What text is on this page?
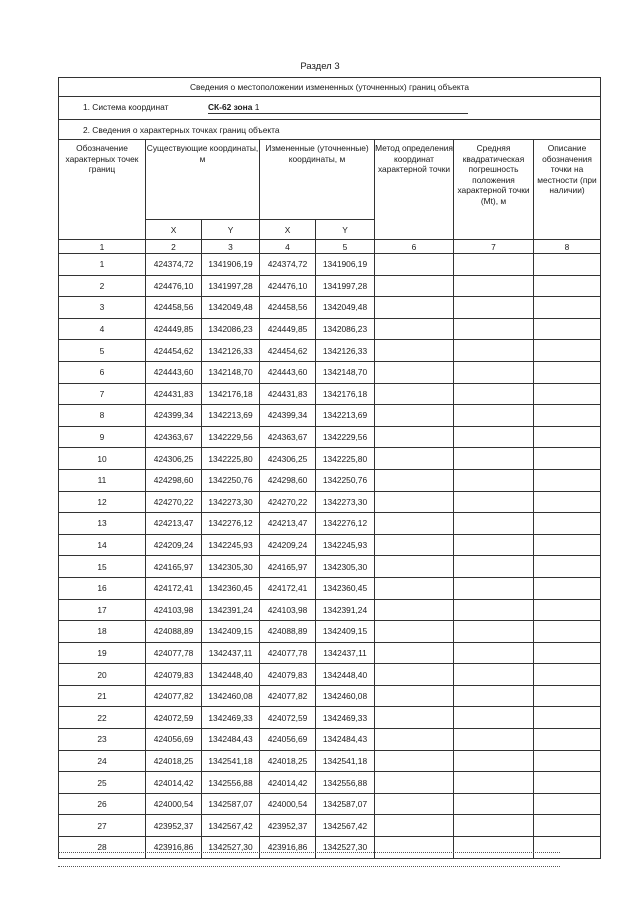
Раздел 3
Сведения о местоположении измененных (уточненных) границ объекта							
1. Система координат СК-62 зона 1							
2. Сведения о характерных точках границ объекта							
Обозначение характерных точек границ	Существующие координаты, м		Измененные (уточненные) координаты, м		Метод определения координат характерной точки	Средняя квадратическая погрешность положения характерной точки (Mt), м	Описание обозначения точки на местности (при наличии)
	X	Y	X	Y			
1	2	3	4	5	6	7	8
1	424374,72	1341906,19	424374,72	1341906,19			
2	424476,10	1341997,28	424476,10	1341997,28			
3	424458,56	1342049,48	424458,56	1342049,48			
4	424449,85	1342086,23	424449,85	1342086,23			
5	424454,62	1342126,33	424454,62	1342126,33			
6	424443,60	1342148,70	424443,60	1342148,70			
7	424431,83	1342176,18	424431,83	1342176,18			
8	424399,34	1342213,69	424399,34	1342213,69			
9	424363,67	1342229,56	424363,67	1342229,56			
10	424306,25	1342225,80	424306,25	1342225,80			
11	424298,60	1342250,76	424298,60	1342250,76			
12	424270,22	1342273,30	424270,22	1342273,30			
13	424213,47	1342276,12	424213,47	1342276,12			
14	424209,24	1342245,93	424209,24	1342245,93			
15	424165,97	1342305,30	424165,97	1342305,30			
16	424172,41	1342360,45	424172,41	1342360,45			
17	424103,98	1342391,24	424103,98	1342391,24			
18	424088,89	1342409,15	424088,89	1342409,15			
19	424077,78	1342437,11	424077,78	1342437,11			
20	424079,83	1342448,40	424079,83	1342448,40			
21	424077,82	1342460,08	424077,82	1342460,08			
22	424072,59	1342469,33	424072,59	1342469,33			
23	424056,69	1342484,43	424056,69	1342484,43			
24	424018,25	1342541,18	424018,25	1342541,18			
25	424014,42	1342556,88	424014,42	1342556,88			
26	424000,54	1342587,07	424000,54	1342587,07			
27	423952,37	1342567,42	423952,37	1342567,42			
28	423916,86	1342527,30	423916,86	1342527,30			
